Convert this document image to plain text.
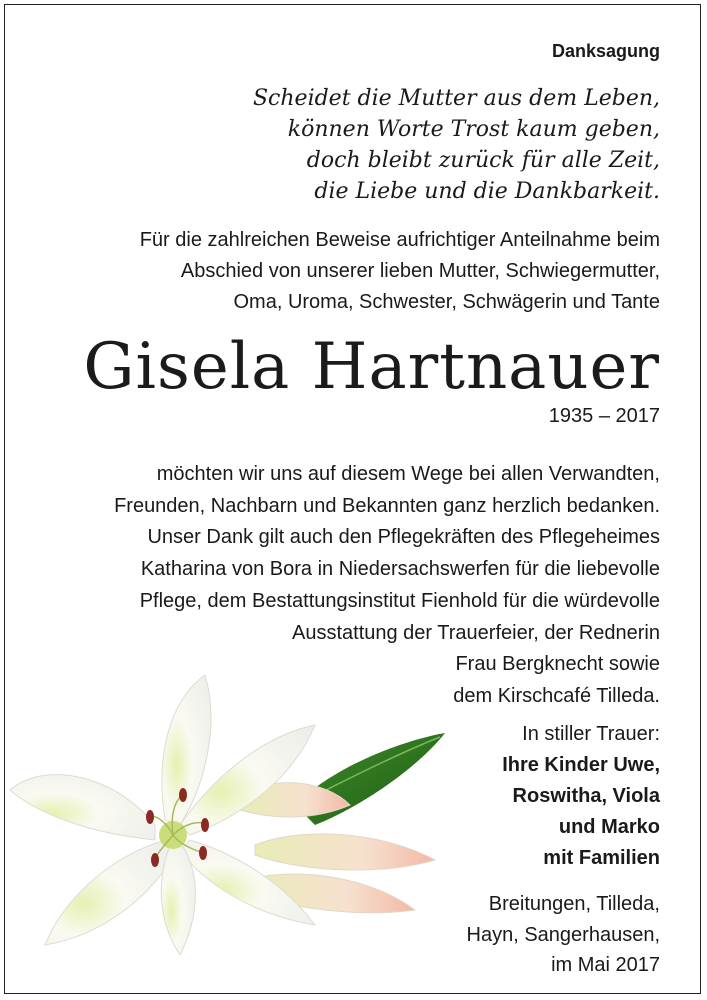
Danksagung
Scheidet die Mutter aus dem Leben,
können Worte Trost kaum geben,
doch bleibt zurück für alle Zeit,
die Liebe und die Dankbarkeit.
Für die zahlreichen Beweise aufrichtiger Anteilnahme beim
Abschied von unserer lieben Mutter, Schwiegermutter,
Oma, Uroma, Schwester, Schwägerin und Tante
Gisela Hartnauer
1935 – 2017
möchten wir uns auf diesem Wege bei allen Verwandten,
Freunden, Nachbarn und Bekannten ganz herzlich bedanken.
Unser Dank gilt auch den Pflegekräften des Pflegeheimes
Katharina von Bora in Niedersachswerfen für die liebevolle
Pflege, dem Bestattungsinstitut Fienhold für die würdevolle
Ausstattung der Trauerfeier, der Rednerin
Frau Bergknecht sowie
dem Kirschcafé Tilleda.
In stiller Trauer:
Ihre Kinder Uwe,
Roswitha, Viola
und Marko
mit Familien
Breitungen, Tilleda,
Hayn, Sangerhausen,
im Mai 2017
